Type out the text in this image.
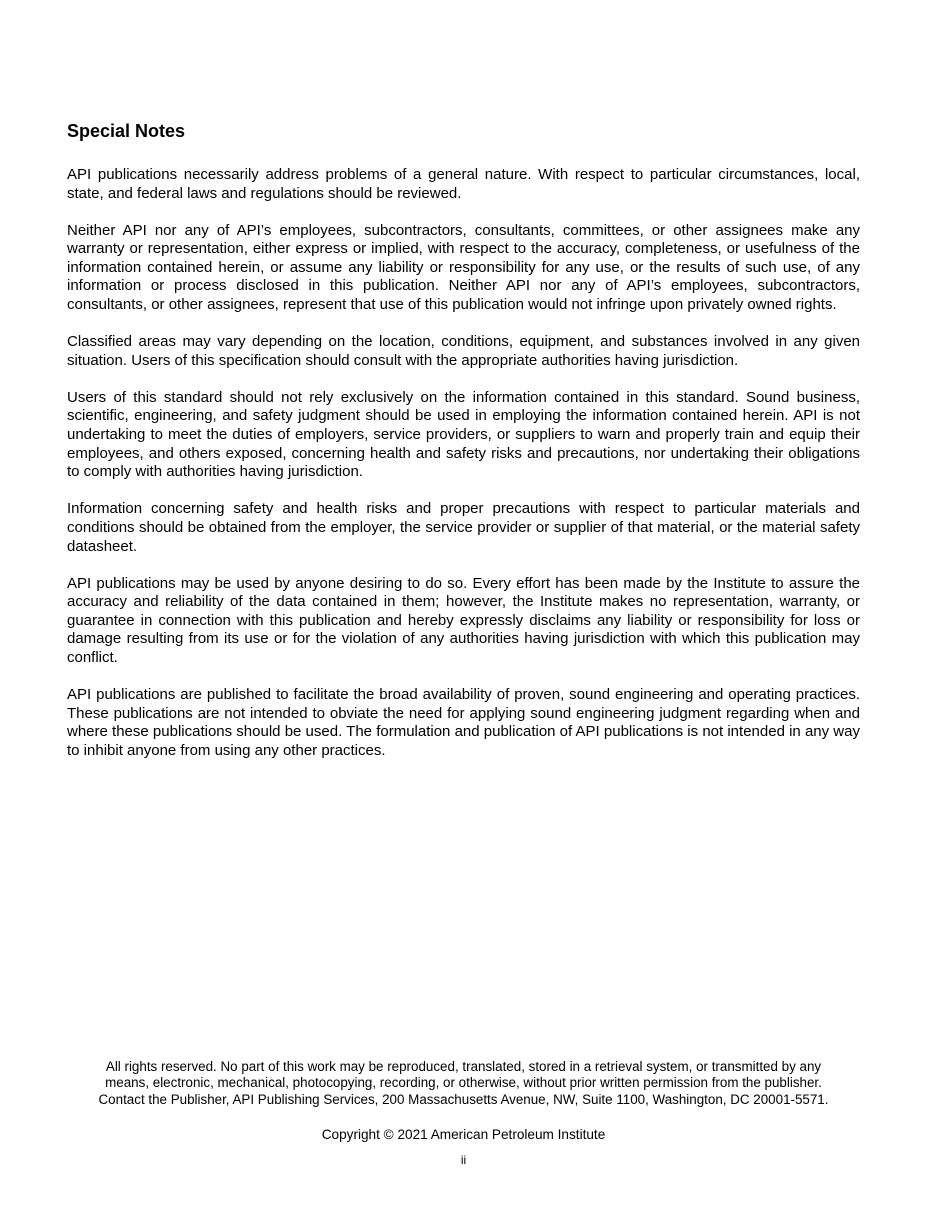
Special Notes

API publications necessarily address problems of a general nature. With respect to particular circumstances, local, state, and federal laws and regulations should be reviewed.

Neither API nor any of API’s employees, subcontractors, consultants, committees, or other assignees make any warranty or representation, either express or implied, with respect to the accuracy, completeness, or usefulness of the information contained herein, or assume any liability or responsibility for any use, or the results of such use, of any information or process disclosed in this publication. Neither API nor any of API’s employees, subcontractors, consultants, or other assignees, represent that use of this publication would not infringe upon privately owned rights.

Classified areas may vary depending on the location, conditions, equipment, and substances involved in any given situation. Users of this specification should consult with the appropriate authorities having jurisdiction.

Users of this standard should not rely exclusively on the information contained in this standard. Sound business, scientific, engineering, and safety judgment should be used in employing the information contained herein. API is not undertaking to meet the duties of employers, service providers, or suppliers to warn and properly train and equip their employees, and others exposed, concerning health and safety risks and precautions, nor undertaking their obligations to comply with authorities having jurisdiction.

Information concerning safety and health risks and proper precautions with respect to particular materials and conditions should be obtained from the employer, the service provider or supplier of that material, or the material safety datasheet.

API publications may be used by anyone desiring to do so. Every effort has been made by the Institute to assure the accuracy and reliability of the data contained in them; however, the Institute makes no representation, warranty, or guarantee in connection with this publication and hereby expressly disclaims any liability or responsibility for loss or damage resulting from its use or for the violation of any authorities having jurisdiction with which this publication may conflict.

API publications are published to facilitate the broad availability of proven, sound engineering and operating practices. These publications are not intended to obviate the need for applying sound engineering judgment regarding when and where these publications should be used. The formulation and publication of API publications is not intended in any way to inhibit anyone from using any other practices.

All rights reserved. No part of this work may be reproduced, translated, stored in a retrieval system, or transmitted by any
means, electronic, mechanical, photocopying, recording, or otherwise, without prior written permission from the publisher.
Contact the Publisher, API Publishing Services, 200 Massachusetts Avenue, NW, Suite 1100, Washington, DC 20001-5571.

Copyright © 2021 American Petroleum Institute

ii
